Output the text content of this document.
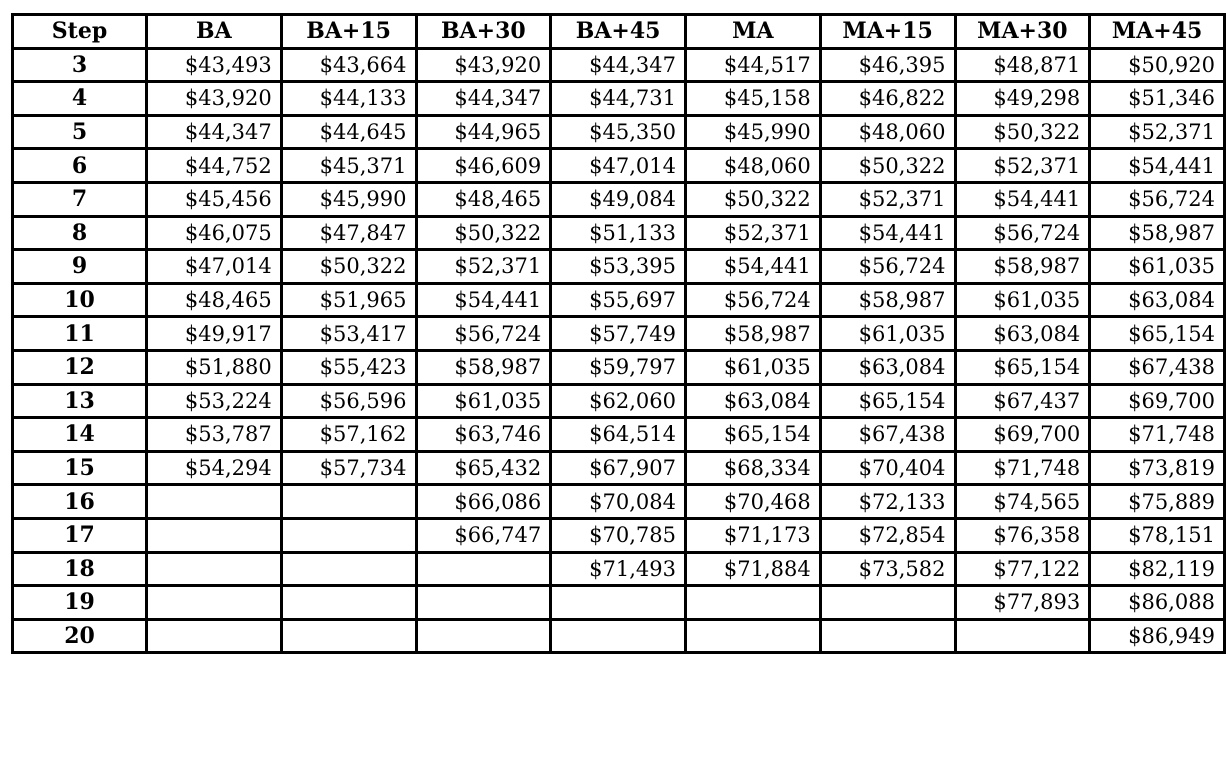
Step	BA	BA+15	BA+30	BA+45	MA	MA+15	MA+30	MA+45
3	$43,493	$43,664	$43,920	$44,347	$44,517	$46,395	$48,871	$50,920
4	$43,920	$44,133	$44,347	$44,731	$45,158	$46,822	$49,298	$51,346
5	$44,347	$44,645	$44,965	$45,350	$45,990	$48,060	$50,322	$52,371
6	$44,752	$45,371	$46,609	$47,014	$48,060	$50,322	$52,371	$54,441
7	$45,456	$45,990	$48,465	$49,084	$50,322	$52,371	$54,441	$56,724
8	$46,075	$47,847	$50,322	$51,133	$52,371	$54,441	$56,724	$58,987
9	$47,014	$50,322	$52,371	$53,395	$54,441	$56,724	$58,987	$61,035
10	$48,465	$51,965	$54,441	$55,697	$56,724	$58,987	$61,035	$63,084
11	$49,917	$53,417	$56,724	$57,749	$58,987	$61,035	$63,084	$65,154
12	$51,880	$55,423	$58,987	$59,797	$61,035	$63,084	$65,154	$67,438
13	$53,224	$56,596	$61,035	$62,060	$63,084	$65,154	$67,437	$69,700
14	$53,787	$57,162	$63,746	$64,514	$65,154	$67,438	$69,700	$71,748
15	$54,294	$57,734	$65,432	$67,907	$68,334	$70,404	$71,748	$73,819
16			$66,086	$70,084	$70,468	$72,133	$74,565	$75,889
17			$66,747	$70,785	$71,173	$72,854	$76,358	$78,151
18				$71,493	$71,884	$73,582	$77,122	$82,119
19							$77,893	$86,088
20								$86,949
